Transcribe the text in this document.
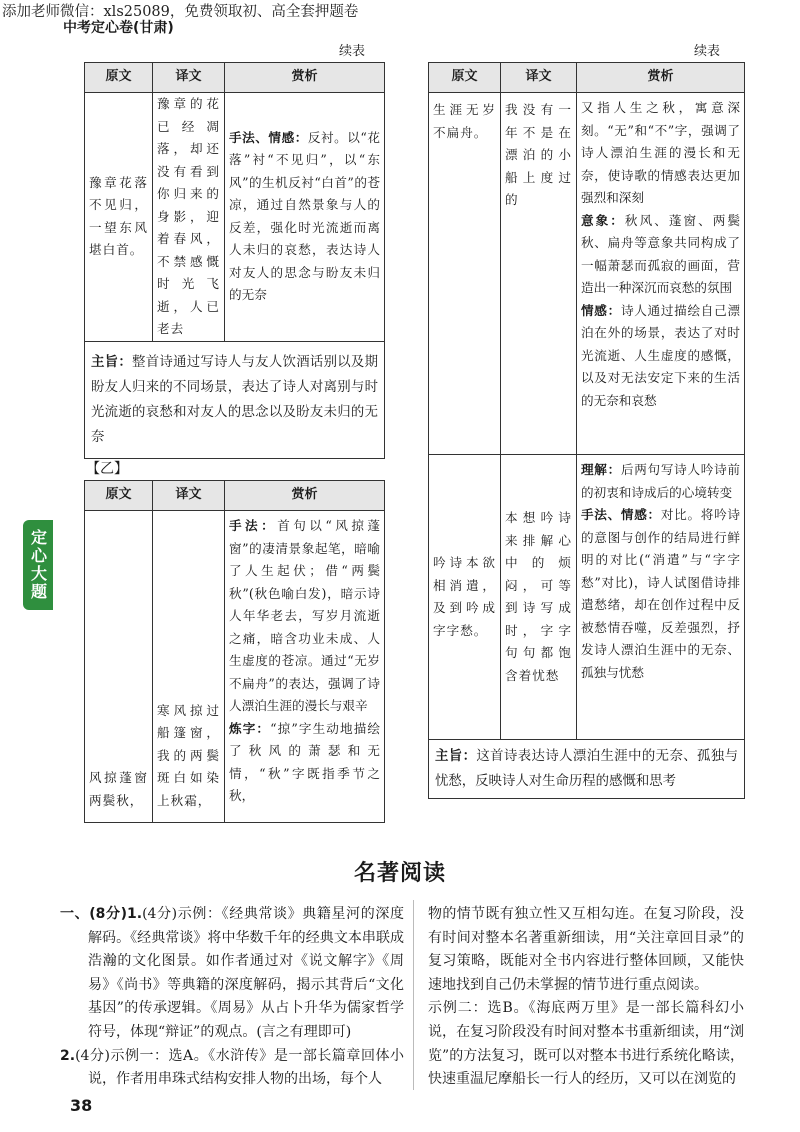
添加老师微信：xls25089，免费领取初、高全套押题卷
中考定心卷(甘肃)
续表	续表
原文	译文	赏析
豫章花落不见归，一望东风堪白首。	豫章的花已经凋落，却还没有看到你归来的身影，迎着春风，不禁感慨时光飞逝，人已老去	手法、情感：反衬。以“花落”衬“不见归”，以“东风”的生机反衬“白首”的苍凉，通过自然景象与人的反差，强化时光流逝而离人未归的哀愁，表达诗人对友人的思念与盼友未归的无奈
主旨：整首诗通过写诗人与友人饮酒话别以及期盼友人归来的不同场景，表达了诗人对离别与时光流逝的哀愁和对友人的思念以及盼友未归的无奈		
【乙】
原文	译文	赏析
风掠蓬窗两鬓秋，	寒风掠过船篷窗，我的两鬓斑白如染上秋霜，	手法：首句以“风掠蓬窗”的凄清景象起笔，暗喻了人生起伏；借“两鬓秋”(秋色喻白发)，暗示诗人年华老去，写岁月流逝之痛，暗含功业未成、人生虚度的苍凉。通过“无岁不扁舟”的表达，强调了诗人漂泊生涯的漫长与艰辛
炼字：“掠”字生动地描绘了秋风的萧瑟和无情，“秋”字既指季节之秋，
定心大题
原文	译文	赏析
生涯无岁不扁舟。	我没有一年不是在漂泊的小船上度过的	又指人生之秋，寓意深刻。“无”和“不”字，强调了诗人漂泊生涯的漫长和无奈，使诗歌的情感表达更加强烈和深刻
意象：秋风、蓬窗、两鬓秋、扁舟等意象共同构成了一幅萧瑟而孤寂的画面，营造出一种深沉而哀愁的氛围
情感：诗人通过描绘自己漂泊在外的场景，表达了对时光流逝、人生虚度的感慨，以及对无法安定下来的生活的无奈和哀愁
吟诗本欲相消遣，及到吟成字字愁。	本想吟诗来排解心中的烦闷，可等到诗写成时，字字句句都饱含着忧愁	理解：后两句写诗人吟诗前的初衷和诗成后的心境转变
手法、情感：对比。将吟诗的意图与创作的结局进行鲜明的对比(“消遣”与“字字愁”对比)，诗人试图借诗排遣愁绪，却在创作过程中反被愁情吞噬，反差强烈，抒发诗人漂泊生涯中的无奈、孤独与忧愁
主旨：这首诗表达诗人漂泊生涯中的无奈、孤独与忧愁，反映诗人对生命历程的感慨和思考		
名著阅读

一、(8分)1.(4分)示例：《经典常谈》典籍星河的深度解码。《经典常谈》将中华数千年的经典文本串联成浩瀚的文化图景。如作者通过对《说文解字》《周易》《尚书》等典籍的深度解码，揭示其背后“文化基因”的传承逻辑。《周易》从占卜升华为儒家哲学符号，体现“辩证”的观点。(言之有理即可)

2.(4分)示例一：选A。《水浒传》是一部长篇章回体小说，作者用串珠式结构安排人物的出场，每个人

物的情节既有独立性又互相勾连。在复习阶段，没有时间对整本名著重新细读，用“关注章回目录”的复习策略，既能对全书内容进行整体回顾，又能快速地找到自己仍未掌握的情节进行重点阅读。

示例二：选B。《海底两万里》是一部长篇科幻小说，在复习阶段没有时间对整本书重新细读，用“浏览”的方法复习，既可以对整本书进行系统化略读，快速重温尼摩船长一行人的经历，又可以在浏览的

38
